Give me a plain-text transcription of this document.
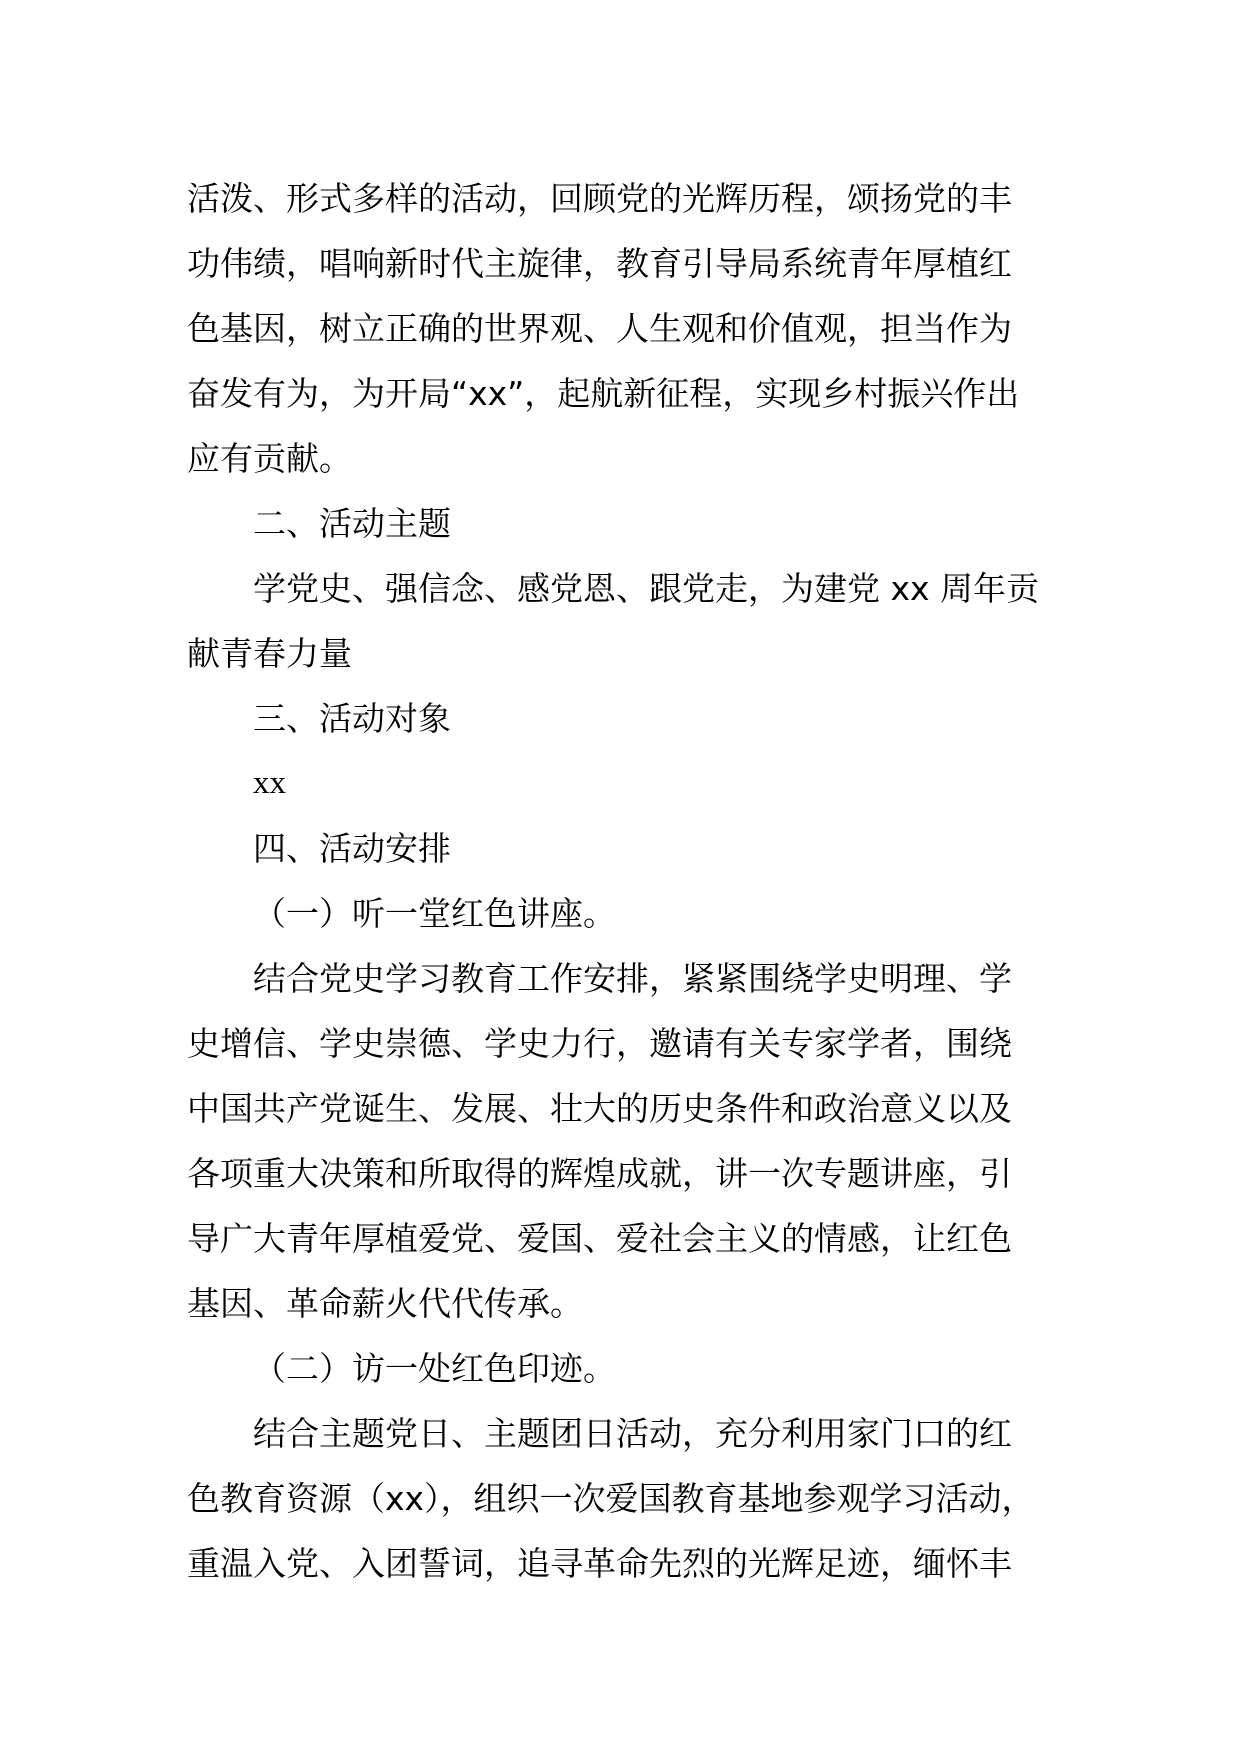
活泼、形式多样的活动，回顾党的光辉历程，颂扬党的丰
功伟绩，唱响新时代主旋律，教育引导局系统青年厚植红
色基因，树立正确的世界观、人生观和价值观，担当作为
奋发有为，为开局“xx”，起航新征程，实现乡村振兴作出
应有贡献。

二、活动主题

学党史、强信念、感党恩、跟党走，为建党 xx 周年贡
献青春力量

三、活动对象

xx

四、活动安排

（一）听一堂红色讲座。

结合党史学习教育工作安排，紧紧围绕学史明理、学
史增信、学史崇德、学史力行，邀请有关专家学者，围绕
中国共产党诞生、发展、壮大的历史条件和政治意义以及
各项重大决策和所取得的辉煌成就，讲一次专题讲座，引
导广大青年厚植爱党、爱国、爱社会主义的情感，让红色
基因、革命薪火代代传承。

（二）访一处红色印迹。

结合主题党日、主题团日活动，充分利用家门口的红
色教育资源（xx），组织一次爱国教育基地参观学习活动，
重温入党、入团誓词，追寻革命先烈的光辉足迹，缅怀丰
